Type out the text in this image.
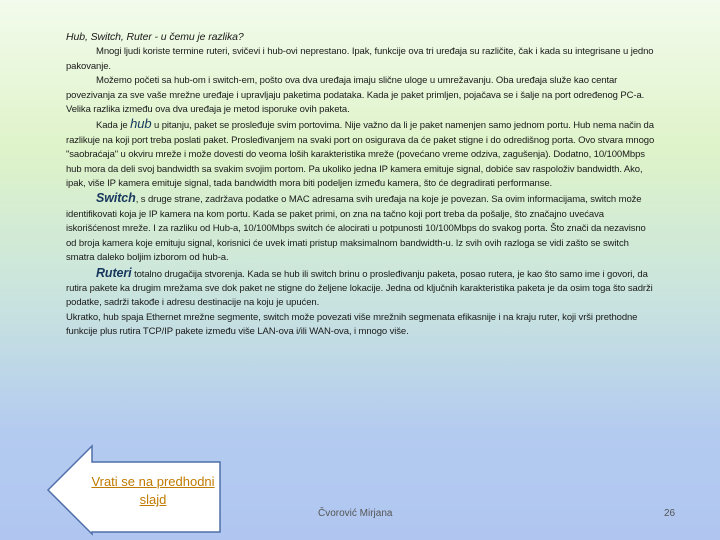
Hub, Switch, Ruter - u čemu je razlika?

Mnogi ljudi koriste termine ruteri, svičevi i hub-ovi neprestano. Ipak, funkcije ova tri uređaja su različite, čak i kada su integrisane u jedno pakovanje.

Možemo početi sa hub-om i switch-em, pošto ova dva uređaja imaju slične uloge u umrežavanju. Oba uređaja služe kao centar povezivanja za sve vaše mrežne uređaje i upravljaju paketima podataka. Kada je paket primljen, pojačava se i šalje na port određenog PC-a. Velika razlika između ova dva uređaja je metod isporuke ovih paketa.

Kada je hub u pitanju, paket se prosleđuje svim portovima. Nije važno da li je paket namenjen samo jednom portu. Hub nema način da razlikuje na koji port treba poslati paket. Prosleđivanjem na svaki port on osigurava da će paket stigne i do odredišnog porta. Ovo stvara mnogo "saobraćaja" u okviru mreže i može dovesti do veoma loših karakteristika mreže (povećano vreme odziva, zagušenja). Dodatno, 10/100Mbps hub mora da deli svoj bandwidth sa svakim svojim portom. Pa ukoliko jedna IP kamera emituje signal, dobiće sav raspoloživ bandwidth. Ako, ipak, više IP kamera emituje signal, tada bandwidth mora biti podeljen između kamera, što će degradirati performanse.

Switch, s druge strane, zadržava podatke o MAC adresama svih uređaja na koje je povezan. Sa ovim informacijama, switch može identifikovati koja je IP kamera na kom portu. Kada se paket primi, on zna na tačno koji port treba da pošalje, što značajno uvećava iskorišćenost mreže. I za razliku od Hub-a, 10/100Mbps switch će alocirati u potpunosti 10/100Mbps do svakog porta. Što znači da nezavisno od broja kamera koje emituju signal, korisnici će uvek imati pristup maksimalnom bandwidth-u. Iz svih ovih razloga se vidi zašto se switch smatra daleko boljim izborom od hub-a.

Ruteri totalno drugačija stvorenja. Kada se hub ili switch brinu o prosleđivanju paketa, posao rutera, je kao što samo ime i govori, da rutira pakete ka drugim mrežama sve dok paket ne stigne do željene lokacije. Jedna od ključnih karakteristika paketa je da osim toga što sadrži podatke, sadrži takođe i adresu destinacije na koju je upućen.

Ukratko, hub spaja Ethernet mrežne segmente, switch može povezati više mrežnih segmenata efikasnije i na kraju ruter, koji vrši prethodne funkcije plus rutira TCP/IP pakete između više LAN-ova i/ili WAN-ova, i mnogo više.

Vrati se na predhodni slajd
Čvorović Mirjana	26
